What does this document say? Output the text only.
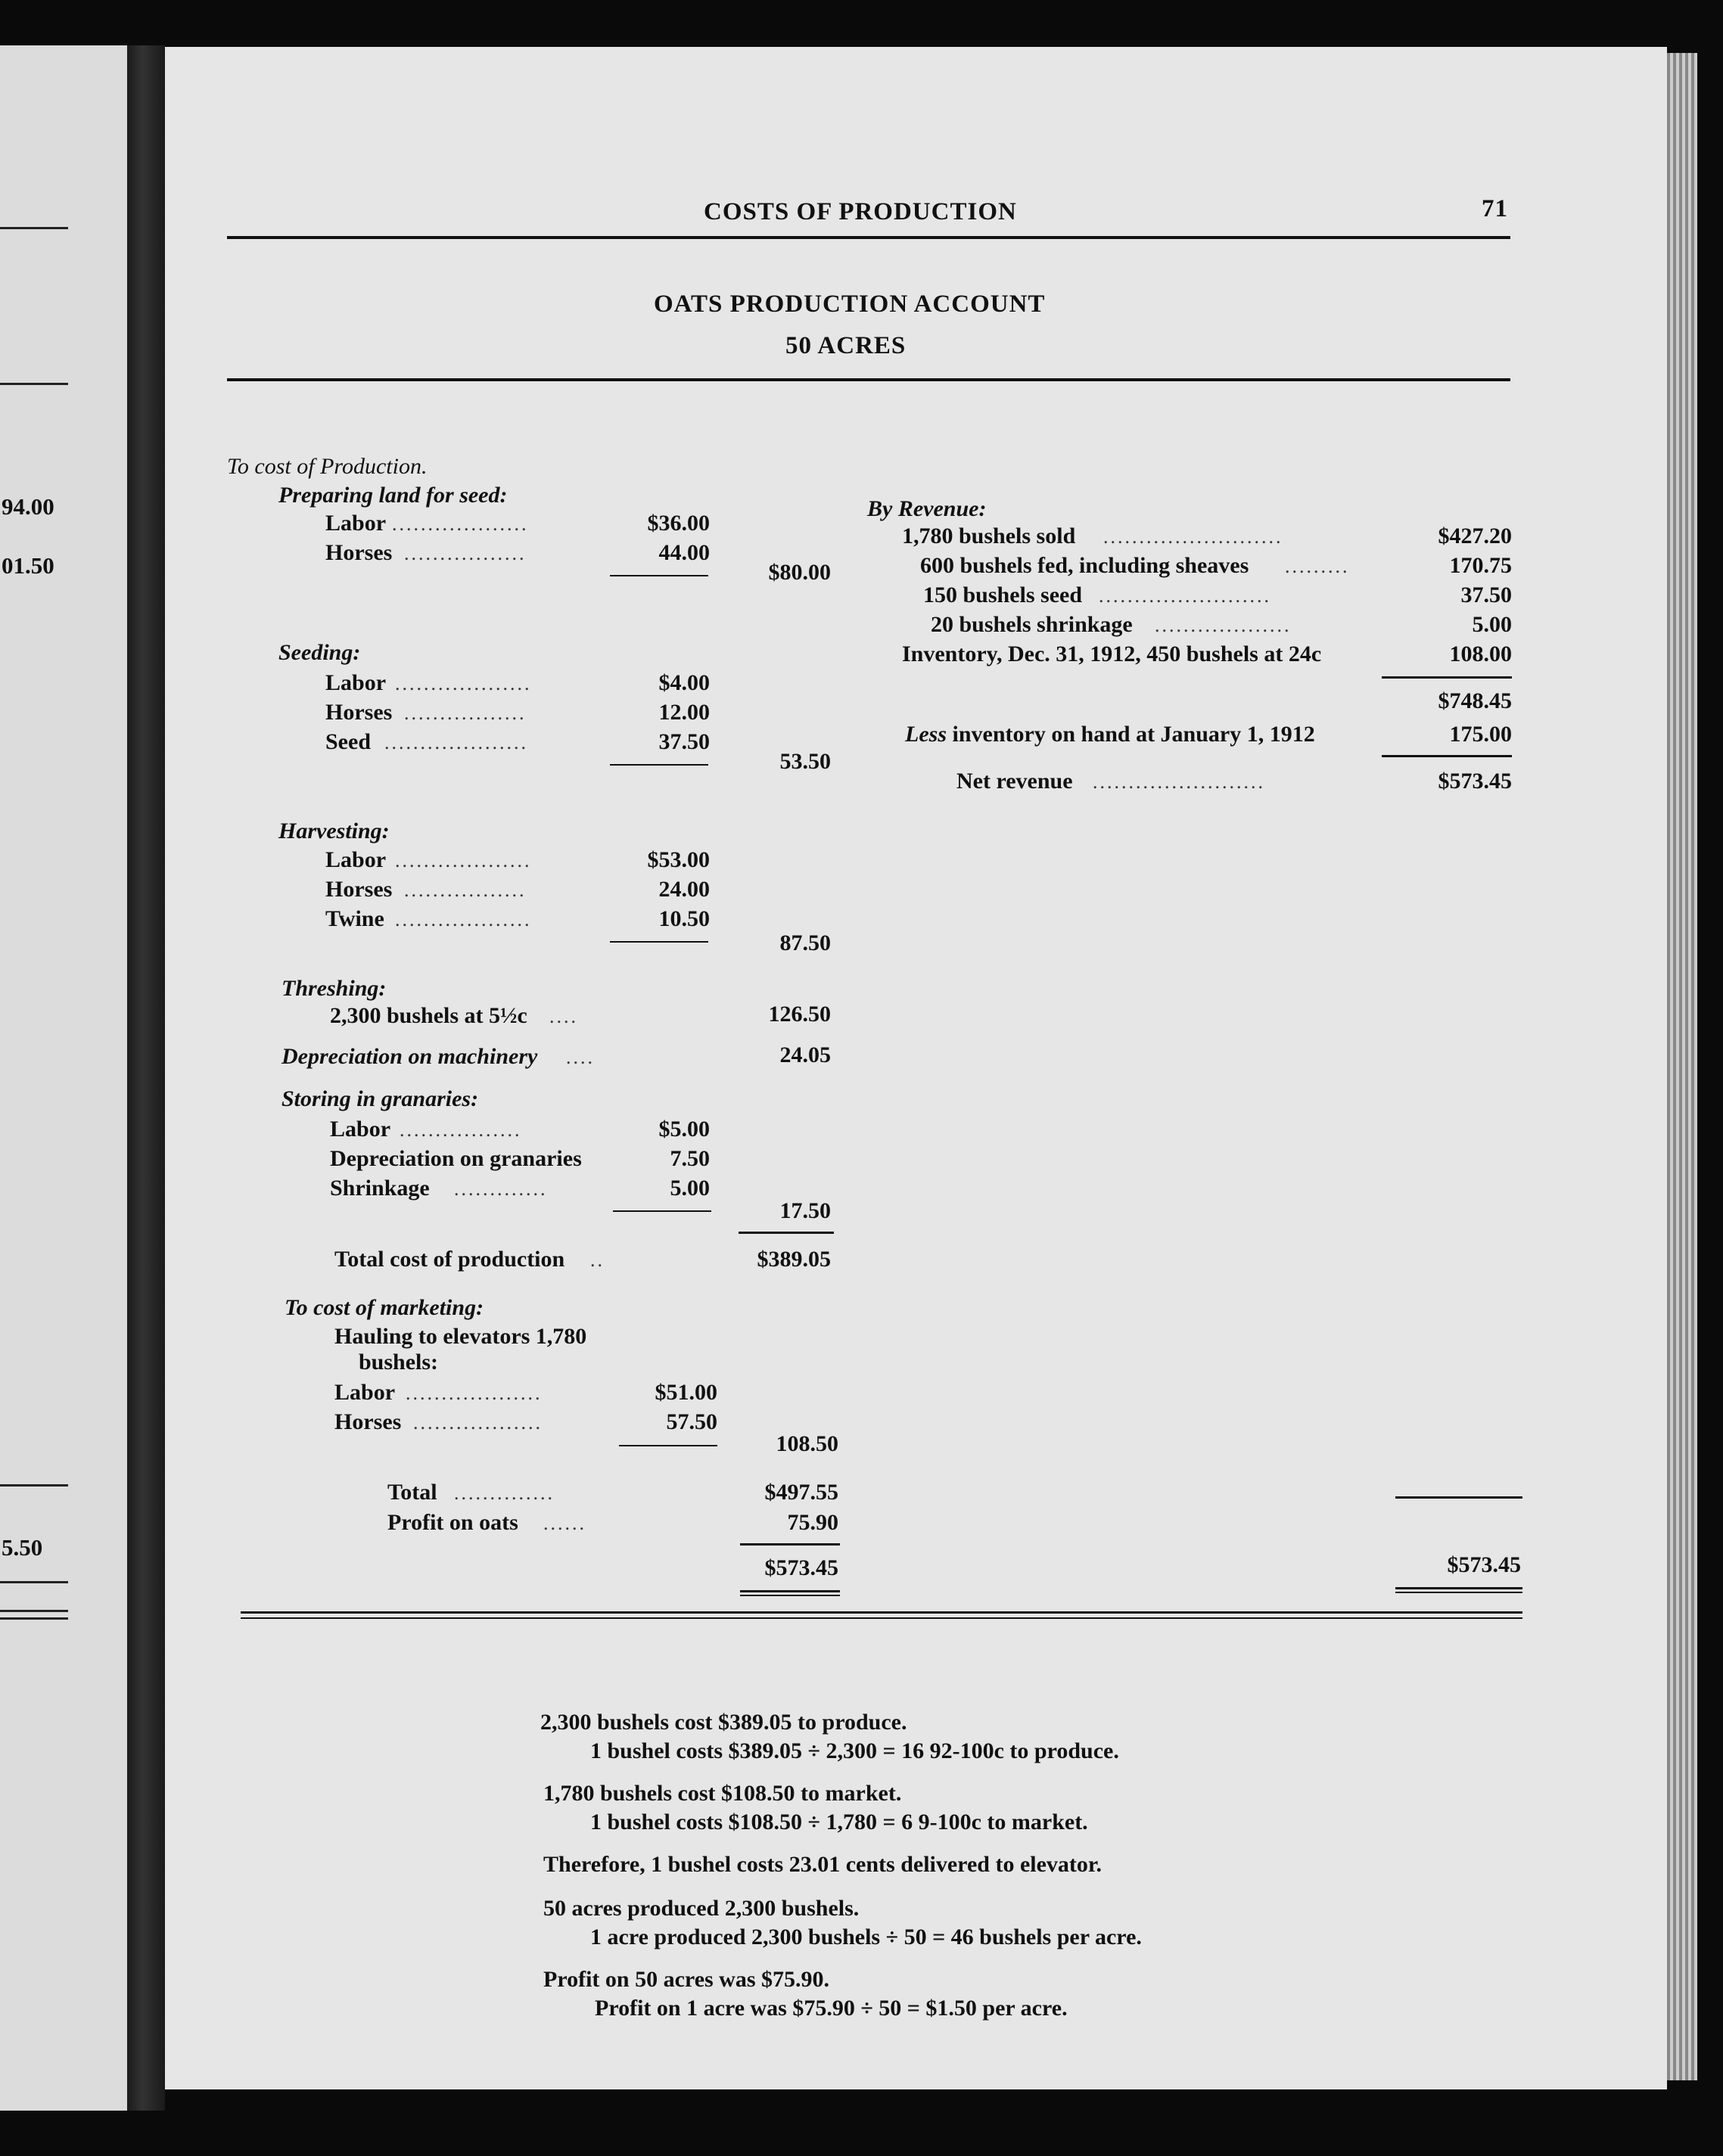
94.00
01.50
5.50
COSTS OF PRODUCTION	71
OATS PRODUCTION ACCOUNT
50 ACRES
To cost of Production.
Preparing land for seed:
Labor ...................	$36.00
Horses .................	44.00
$80.00
Seeding:
Labor ...................	$4.00
Horses .................	12.00
Seed ....................	37.50
53.50
Harvesting:
Labor ...................	$53.00
Horses .................	24.00
Twine ...................	10.50
87.50
Threshing:
2,300 bushels at 5½c ....	126.50
Depreciation on machinery ....	24.05
Storing in granaries:
Labor .................	$5.00
Depreciation on granaries	7.50
Shrinkage .............	5.00
17.50
Total cost of production ..	$389.05
To cost of marketing:
Hauling to elevators 1,780
bushels:
Labor ...................	$51.00
Horses ..................	57.50
108.50
Total ..............	$497.55
Profit on oats ......	75.90
$573.45
By Revenue:
1,780 bushels sold .........................	$427.20
600 bushels fed, including sheaves .........	170.75
150 bushels seed ........................	37.50
20 bushels shrinkage ...................	5.00
Inventory, Dec. 31, 1912, 450 bushels at 24c	108.00
$748.45
Less inventory on hand at January 1, 1912	175.00
Net revenue ........................	$573.45
$573.45
2,300 bushels cost $389.05 to produce.
1 bushel costs $389.05 ÷ 2,300 = 16 92-100c to produce.
1,780 bushels cost $108.50 to market.
1 bushel costs $108.50 ÷ 1,780 = 6 9-100c to market.
Therefore, 1 bushel costs 23.01 cents delivered to elevator.
50 acres produced 2,300 bushels.
1 acre produced 2,300 bushels ÷ 50 = 46 bushels per acre.
Profit on 50 acres was $75.90.
Profit on 1 acre was $75.90 ÷ 50 = $1.50 per acre.
